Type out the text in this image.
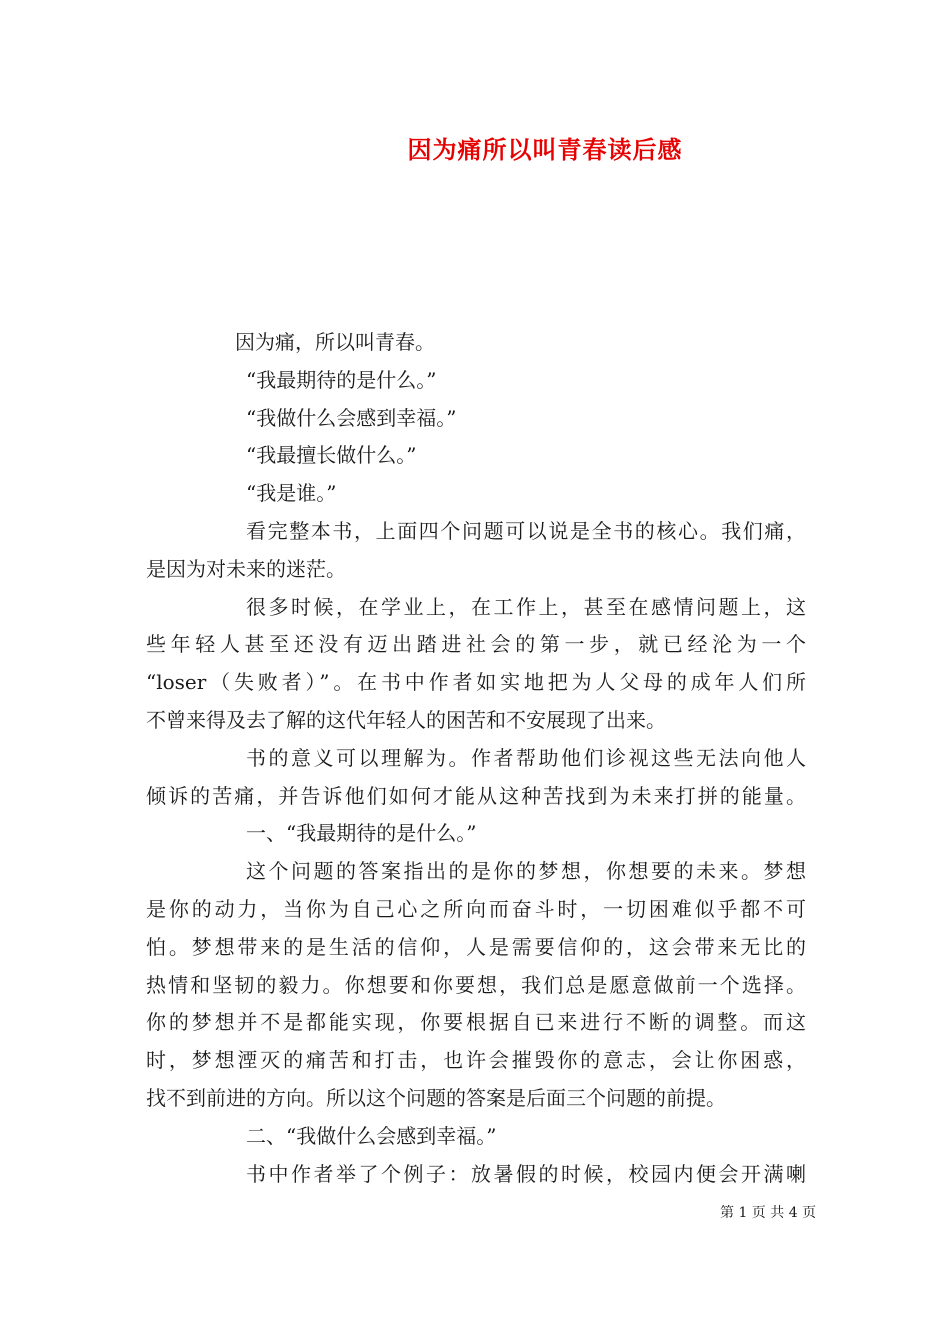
因为痛所以叫青春读后感
因为痛，所以叫青春。
“我最期待的是什么。”
“我做什么会感到幸福。”
“我最擅长做什么。”
“我是谁。”
看完整本书，上面四个问题可以说是全书的核心。我们痛，
是因为对未来的迷茫。
很多时候，在学业上，在工作上，甚至在感情问题上，这
些年轻人甚至还没有迈出踏进社会的第一步，就已经沦为一个
“loser（失败者）”。在书中作者如实地把为人父母的成年人们所
不曾来得及去了解的这代年轻人的困苦和不安展现了出来。
书的意义可以理解为。作者帮助他们诊视这些无法向他人
倾诉的苦痛，并告诉他们如何才能从这种苦找到为未来打拼的能量。
一、“我最期待的是什么。”
这个问题的答案指出的是你的梦想，你想要的未来。梦想
是你的动力，当你为自己心之所向而奋斗时，一切困难似乎都不可
怕。梦想带来的是生活的信仰，人是需要信仰的，这会带来无比的
热情和坚韧的毅力。你想要和你要想，我们总是愿意做前一个选择。
你的梦想并不是都能实现，你要根据自已来进行不断的调整。而这
时，梦想湮灭的痛苦和打击，也许会摧毁你的意志，会让你困惑，
找不到前进的方向。所以这个问题的答案是后面三个问题的前提。
二、“我做什么会感到幸福。”
书中作者举了个例子：放暑假的时候，校园内便会开满喇
第 1 页 共 4 页
